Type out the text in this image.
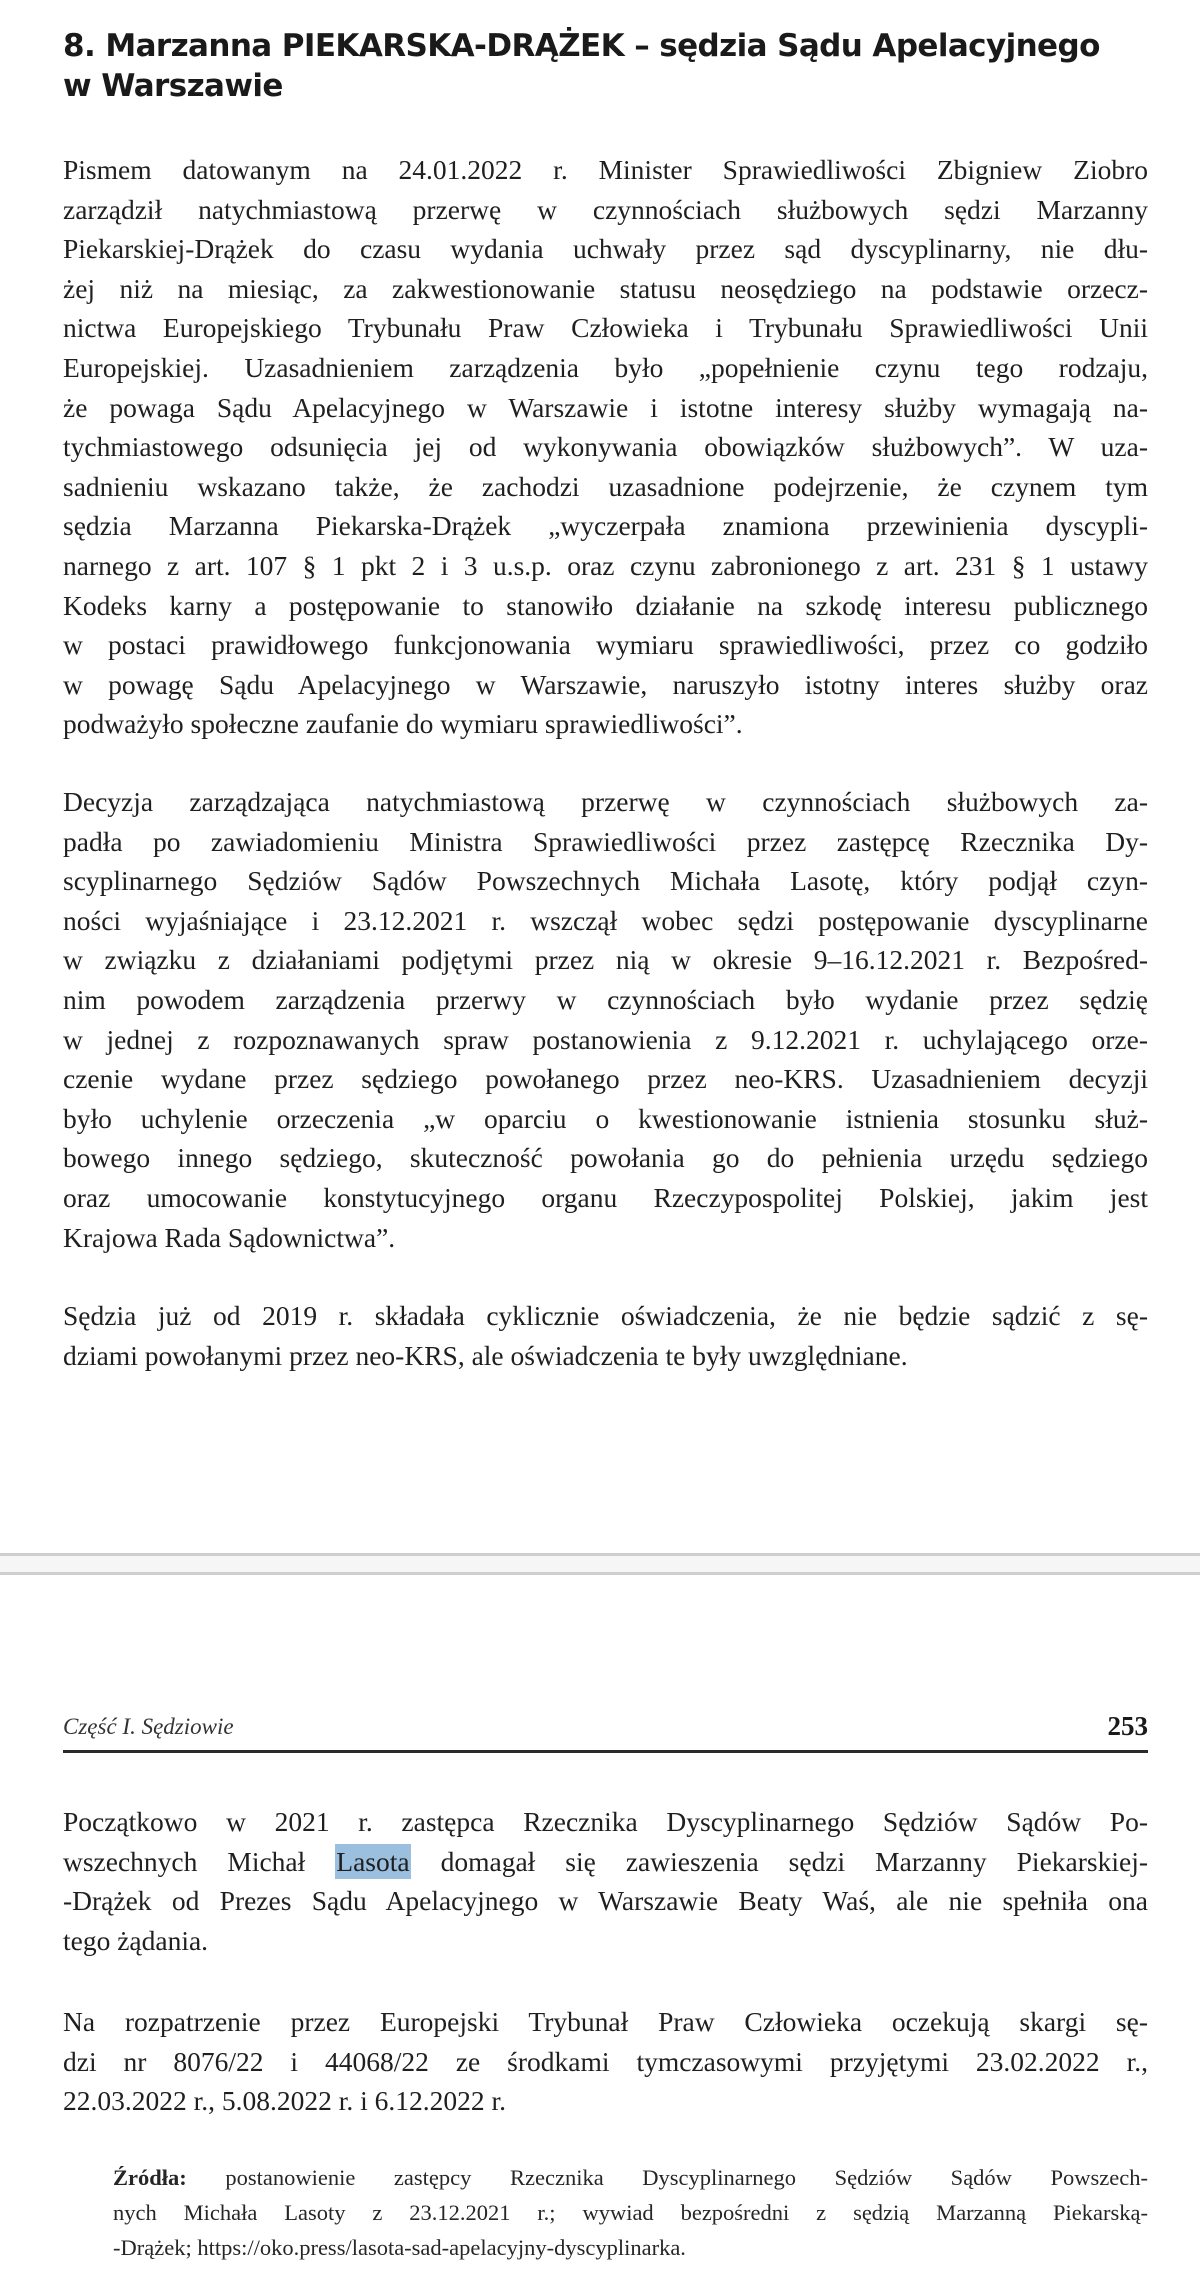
8. Marzanna PIEKARSKA-DRĄŻEK – sędzia Sądu Apelacyjnego
w Warszawie
Pismem datowanym na 24.01.2022 r. Minister Sprawiedliwości Zbigniew Ziobro
zarządził natychmiastową przerwę w czynnościach służbowych sędzi Marzanny
Piekarskiej-Drążek do czasu wydania uchwały przez sąd dyscyplinarny, nie dłu-
żej niż na miesiąc, za zakwestionowanie statusu neosędziego na podstawie orzecz-
nictwa Europejskiego Trybunału Praw Człowieka i Trybunału Sprawiedliwości Unii
Europejskiej. Uzasadnieniem zarządzenia było „popełnienie czynu tego rodzaju,
że powaga Sądu Apelacyjnego w Warszawie i istotne interesy służby wymagają na-
tychmiastowego odsunięcia jej od wykonywania obowiązków służbowych”. W uza-
sadnieniu wskazano także, że zachodzi uzasadnione podejrzenie, że czynem tym
sędzia Marzanna Piekarska-Drążek „wyczerpała znamiona przewinienia dyscypli-
narnego z art. 107 § 1 pkt 2 i 3 u.s.p. oraz czynu zabronionego z art. 231 § 1 ustawy
Kodeks karny a postępowanie to stanowiło działanie na szkodę interesu publicznego
w postaci prawidłowego funkcjonowania wymiaru sprawiedliwości, przez co godziło
w powagę Sądu Apelacyjnego w Warszawie, naruszyło istotny interes służby oraz
podważyło społeczne zaufanie do wymiaru sprawiedliwości”.
Decyzja zarządzająca natychmiastową przerwę w czynnościach służbowych za-
padła po zawiadomieniu Ministra Sprawiedliwości przez zastępcę Rzecznika Dy-
scyplinarnego Sędziów Sądów Powszechnych Michała Lasotę, który podjął czyn-
ności wyjaśniające i 23.12.2021 r. wszczął wobec sędzi postępowanie dyscyplinarne
w związku z działaniami podjętymi przez nią w okresie 9–16.12.2021 r. Bezpośred-
nim powodem zarządzenia przerwy w czynnościach było wydanie przez sędzię
w jednej z rozpoznawanych spraw postanowienia z 9.12.2021 r. uchylającego orze-
czenie wydane przez sędziego powołanego przez neo-KRS. Uzasadnieniem decyzji
było uchylenie orzeczenia „w oparciu o kwestionowanie istnienia stosunku służ-
bowego innego sędziego, skuteczność powołania go do pełnienia urzędu sędziego
oraz umocowanie konstytucyjnego organu Rzeczypospolitej Polskiej, jakim jest
Krajowa Rada Sądownictwa”.
Sędzia już od 2019 r. składała cyklicznie oświadczenia, że nie będzie sądzić z sę-
dziami powołanymi przez neo-KRS, ale oświadczenia te były uwzględniane.
Część I. Sędziowie	253
Początkowo w 2021 r. zastępca Rzecznika Dyscyplinarnego Sędziów Sądów Po-
wszechnych Michał Lasota domagał się zawieszenia sędzi Marzanny Piekarskiej-
-Drążek od Prezes Sądu Apelacyjnego w Warszawie Beaty Waś, ale nie spełniła ona
tego żądania.
Na rozpatrzenie przez Europejski Trybunał Praw Człowieka oczekują skargi sę-
dzi nr 8076/22 i 44068/22 ze środkami tymczasowymi przyjętymi 23.02.2022 r.,
22.03.2022 r., 5.08.2022 r. i 6.12.2022 r.
Źródła: postanowienie zastępcy Rzecznika Dyscyplinarnego Sędziów Sądów Powszech-
nych Michała Lasoty z 23.12.2021 r.; wywiad bezpośredni z sędzią Marzanną Piekarską-
-Drążek; https://oko.press/lasota-sad-apelacyjny-dyscyplinarka.
